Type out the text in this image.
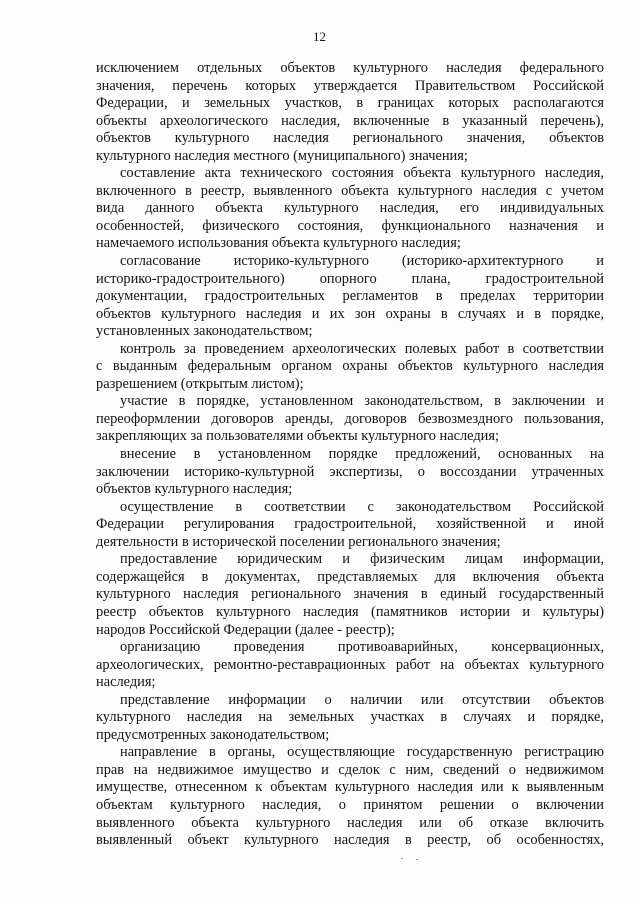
12
исключением отдельных объектов культурного наследия федерального
значения, перечень которых утверждается Правительством Российской
Федерации, и земельных участков, в границах которых располагаются
объекты археологического наследия, включенные в указанный перечень),
объектов культурного наследия регионального значения, объектов
культурного наследия местного (муниципального) значения;
составление акта технического состояния объекта культурного наследия,
включенного в реестр, выявленного объекта культурного наследия с учетом
вида данного объекта культурного наследия, его индивидуальных
особенностей, физического состояния, функционального назначения и
намечаемого использования объекта культурного наследия;
согласование историко-культурного (историко-архитектурного и
историко-градостроительного) опорного плана, градостроительной
документации, градостроительных регламентов в пределах территории
объектов культурного наследия и их зон охраны в случаях и в порядке,
установленных законодательством;
контроль за проведением археологических полевых работ в соответствии
с выданным федеральным органом охраны объектов культурного наследия
разрешением (открытым листом);
участие в порядке, установленном законодательством, в заключении и
переоформлении договоров аренды, договоров безвозмездного пользования,
закрепляющих за пользователями объекты культурного наследия;
внесение в установленном порядке предложений, основанных на
заключении историко-культурной экспертизы, о воссоздании утраченных
объектов культурного наследия;
осуществление в соответствии с законодательством Российской
Федерации регулирования градостроительной, хозяйственной и иной
деятельности в исторической поселении регионального значения;
предоставление юридическим и физическим лицам информации,
содержащейся в документах, представляемых для включения объекта
культурного наследия регионального значения в единый государственный
реестр объектов культурного наследия (памятников истории и культуры)
народов Российской Федерации (далее - реестр);
организацию проведения противоаварийных, консервационных,
археологических, ремонтно-реставрационных работ на объектах культурного
наследия;
представление информации о наличии или отсутствии объектов
культурного наследия на земельных участках в случаях и порядке,
предусмотренных законодательством;
направление в органы, осуществляющие государственную регистрацию
прав на недвижимое имущество и сделок с ним, сведений о недвижимом
имуществе, отнесенном к объектам культурного наследия или к выявленным
объектам культурного наследия, о принятом решении о включении
выявленного объекта культурного наследия или об отказе включить
выявленный объект культурного наследия в реестр, об особенностях,
